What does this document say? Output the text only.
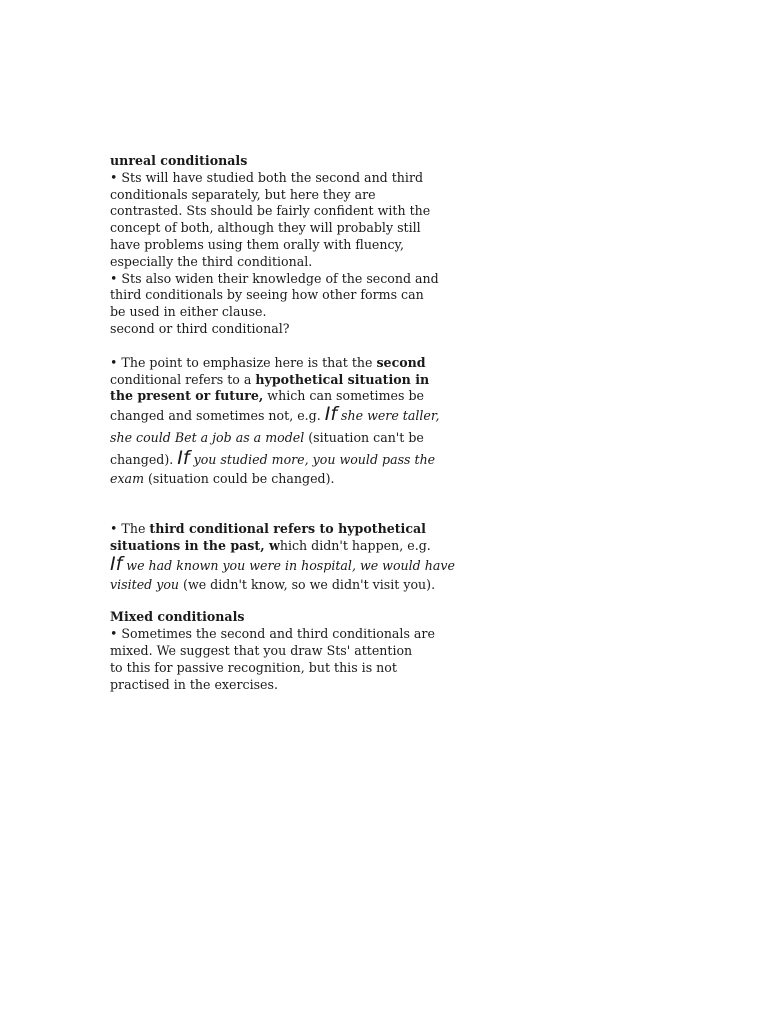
unreal conditionals
• Sts will have studied both the second and third
conditionals separately, but here they are
contrasted. Sts should be fairly confident with the
concept of both, although they will probably still
have problems using them orally with fluency,
especially the third conditional.
• Sts also widen their knowledge of the second and
third conditionals by seeing how other forms can
be used in either clause.
second or third conditional?
• The point to emphasize here is that the second
conditional refers to a hypothetical situation in
the present or future, which can sometimes be
changed and sometimes not, e.g. If she were taller,
she could Bet a job as a model (situation can't be
changed). If you studied more, you would pass the
exam (situation could be changed).
• The third conditional refers to hypothetical
situations in the past, which didn't happen, e.g.
If we had known you were in hospital, we would have
visited you (we didn't know, so we didn't visit you).
Mixed conditionals
• Sometimes the second and third conditionals are
mixed. We suggest that you draw Sts' attention
to this for passive recognition, but this is not
practised in the exercises.
